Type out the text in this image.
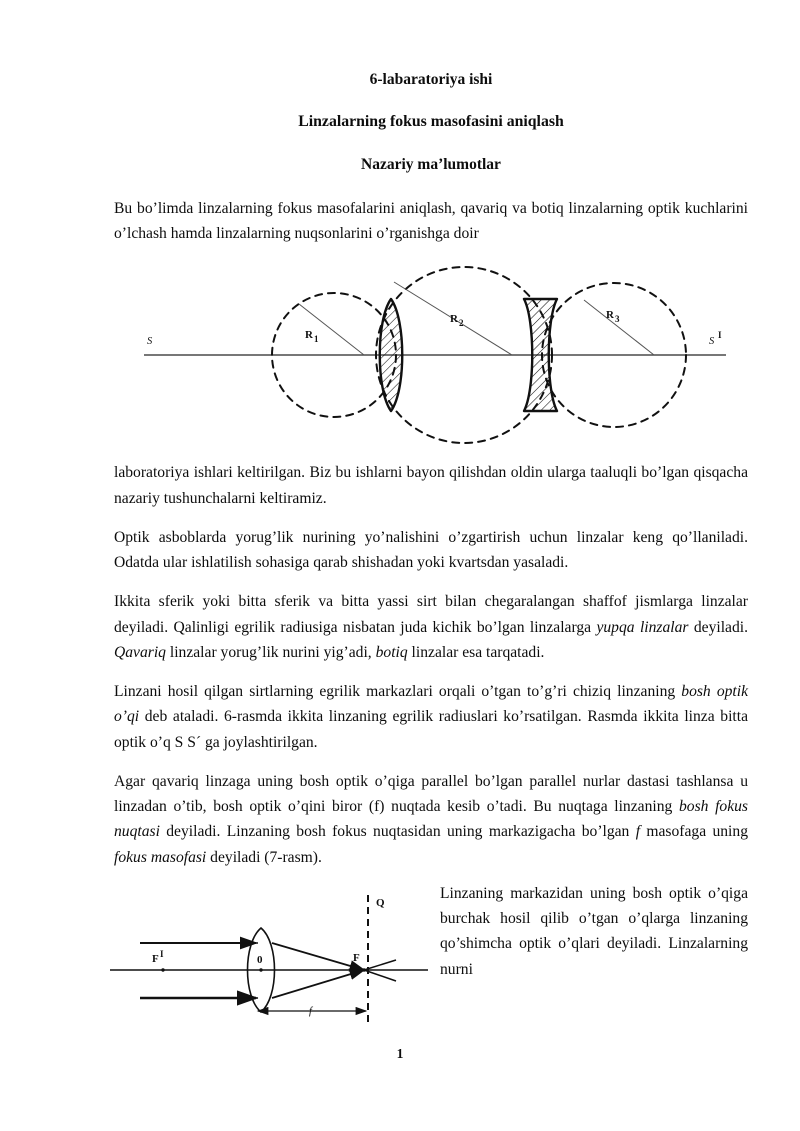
6-labaratoriya ishi
Linzalarning fokus masofasini aniqlash
Nazariy ma’lumotlar

Bu bo’limda linzalarning fokus masofalarini aniqlash, qavariq va botiq linzalarning optik kuchlarini o’lchash hamda linzalarning nuqsonlarini o’rganishga doir

S	S
I
R 1
R 2
R 3

laboratoriya ishlari keltirilgan. Biz bu ishlarni bayon qilishdan oldin ularga taaluqli bo’lgan qisqacha nazariy tushunchalarni keltiramiz.

Optik asboblarda yorug’lik nurining yo’nalishini o’zgartirish uchun linzalar keng qo’llaniladi. Odatda ular ishlatilish sohasiga qarab shishadan yoki kvartsdan yasaladi.

Ikkita sferik yoki bitta sferik va bitta yassi sirt bilan chegaralangan shaffof jismlarga linzalar deyiladi. Qalinligi egrilik radiusiga nisbatan juda kichik bo’lgan linzalarga yupqa linzalar deyiladi. Qavariq linzalar yorug’lik nurini yig’adi, botiq linzalar esa tarqatadi.

Linzani hosil qilgan sirtlarning egrilik markazlari orqali o’tgan to’g’ri chiziq linzaning bosh optik o’qi deb ataladi. 6-rasmda ikkita linzaning egrilik radiuslari ko’rsatilgan. Rasmda ikkita linza bitta optik o’q S S´ ga joylashtirilgan.

Agar qavariq linzaga uning bosh optik o’qiga parallel bo’lgan parallel nurlar dastasi tashlansa u linzadan o’tib, bosh optik o’qini biror (f) nuqtada kesib o’tadi. Bu nuqtaga linzaning bosh fokus nuqtasi deyiladi. Linzaning bosh fokus nuqtasidan uning markazigacha bo’lgan f masofaga uning fokus masofasi deyiladi (7-rasm).

F I	0	F
Q
f

Linzaning markazidan uning bosh optik o’qiga burchak hosil qilib o’tgan o’qlarga linzaning qo’shimcha optik o’qlari deyiladi. Linzalarning nurni

1
